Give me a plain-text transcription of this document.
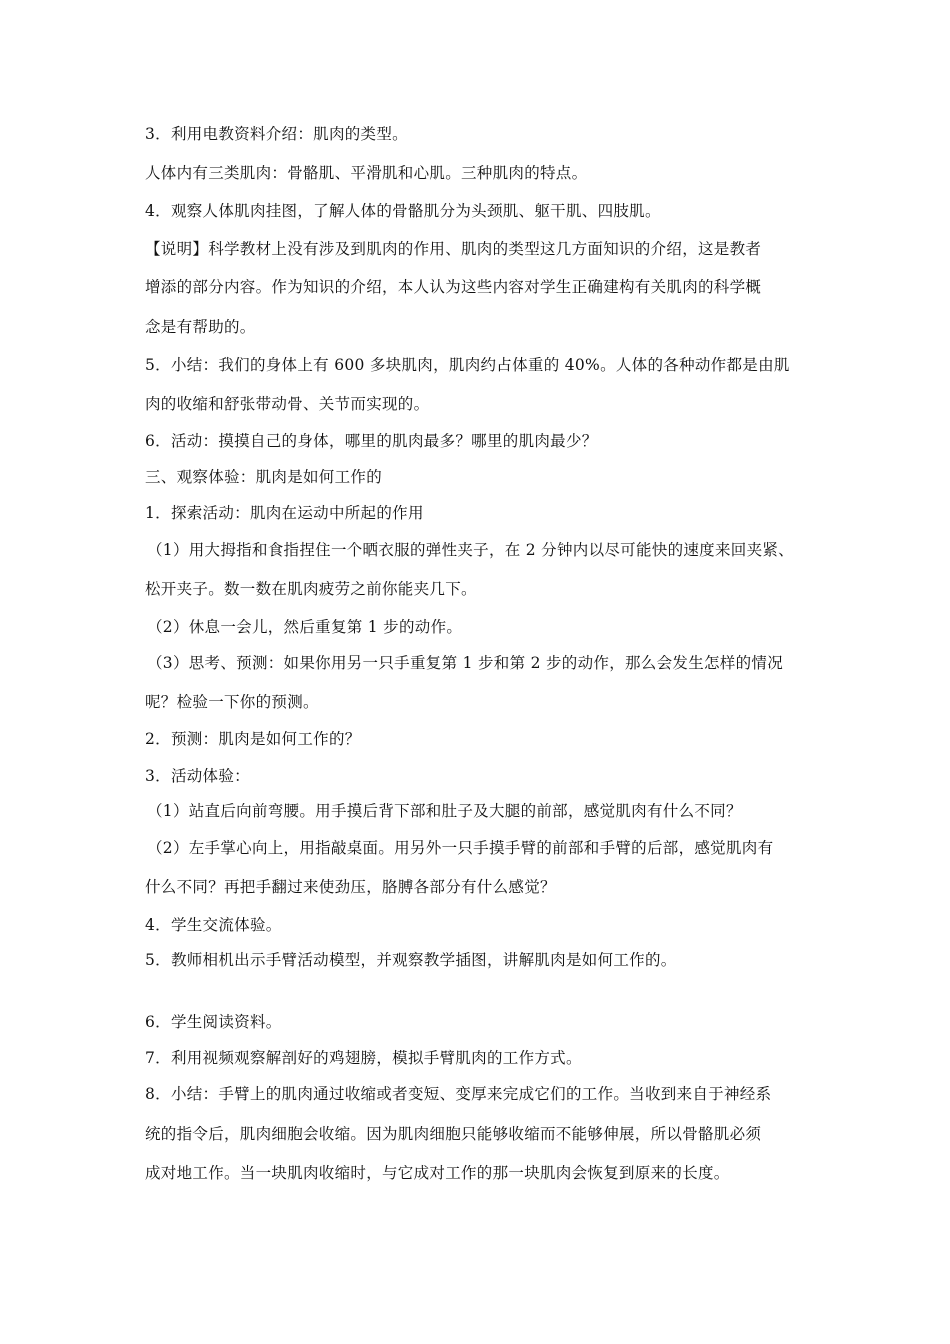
3．利用电教资料介绍：肌肉的类型。
人体内有三类肌肉：骨骼肌、平滑肌和心肌。三种肌肉的特点。
4．观察人体肌肉挂图，了解人体的骨骼肌分为头颈肌、躯干肌、四肢肌。
【说明】科学教材上没有涉及到肌肉的作用、肌肉的类型这几方面知识的介绍，这是教者
增添的部分内容。作为知识的介绍，本人认为这些内容对学生正确建构有关肌肉的科学概
念是有帮助的。
5．小结：我们的身体上有 600 多块肌肉，肌肉约占体重的 40%。人体的各种动作都是由肌
肉的收缩和舒张带动骨、关节而实现的。
6．活动：摸摸自己的身体，哪里的肌肉最多？哪里的肌肉最少？
三、观察体验：肌肉是如何工作的
1．探索活动：肌肉在运动中所起的作用
（1）用大拇指和食指捏住一个晒衣服的弹性夹子，在 2 分钟内以尽可能快的速度来回夹紧、
松开夹子。数一数在肌肉疲劳之前你能夹几下。
（2）休息一会儿，然后重复第 1 步的动作。
（3）思考、预测：如果你用另一只手重复第 1 步和第 2 步的动作，那么会发生怎样的情况
呢？检验一下你的预测。
2．预测：肌肉是如何工作的？
3．活动体验：
（1）站直后向前弯腰。用手摸后背下部和肚子及大腿的前部，感觉肌肉有什么不同？
（2）左手掌心向上，用指敲桌面。用另外一只手摸手臂的前部和手臂的后部，感觉肌肉有
什么不同？再把手翻过来使劲压，胳膊各部分有什么感觉？
4．学生交流体验。
5．教师相机出示手臂活动模型，并观察教学插图，讲解肌肉是如何工作的。
6．学生阅读资料。
7．利用视频观察解剖好的鸡翅膀，模拟手臂肌肉的工作方式。
8．小结：手臂上的肌肉通过收缩或者变短、变厚来完成它们的工作。当收到来自于神经系
统的指令后，肌肉细胞会收缩。因为肌肉细胞只能够收缩而不能够伸展，所以骨骼肌必须
成对地工作。当一块肌肉收缩时，与它成对工作的那一块肌肉会恢复到原来的长度。
